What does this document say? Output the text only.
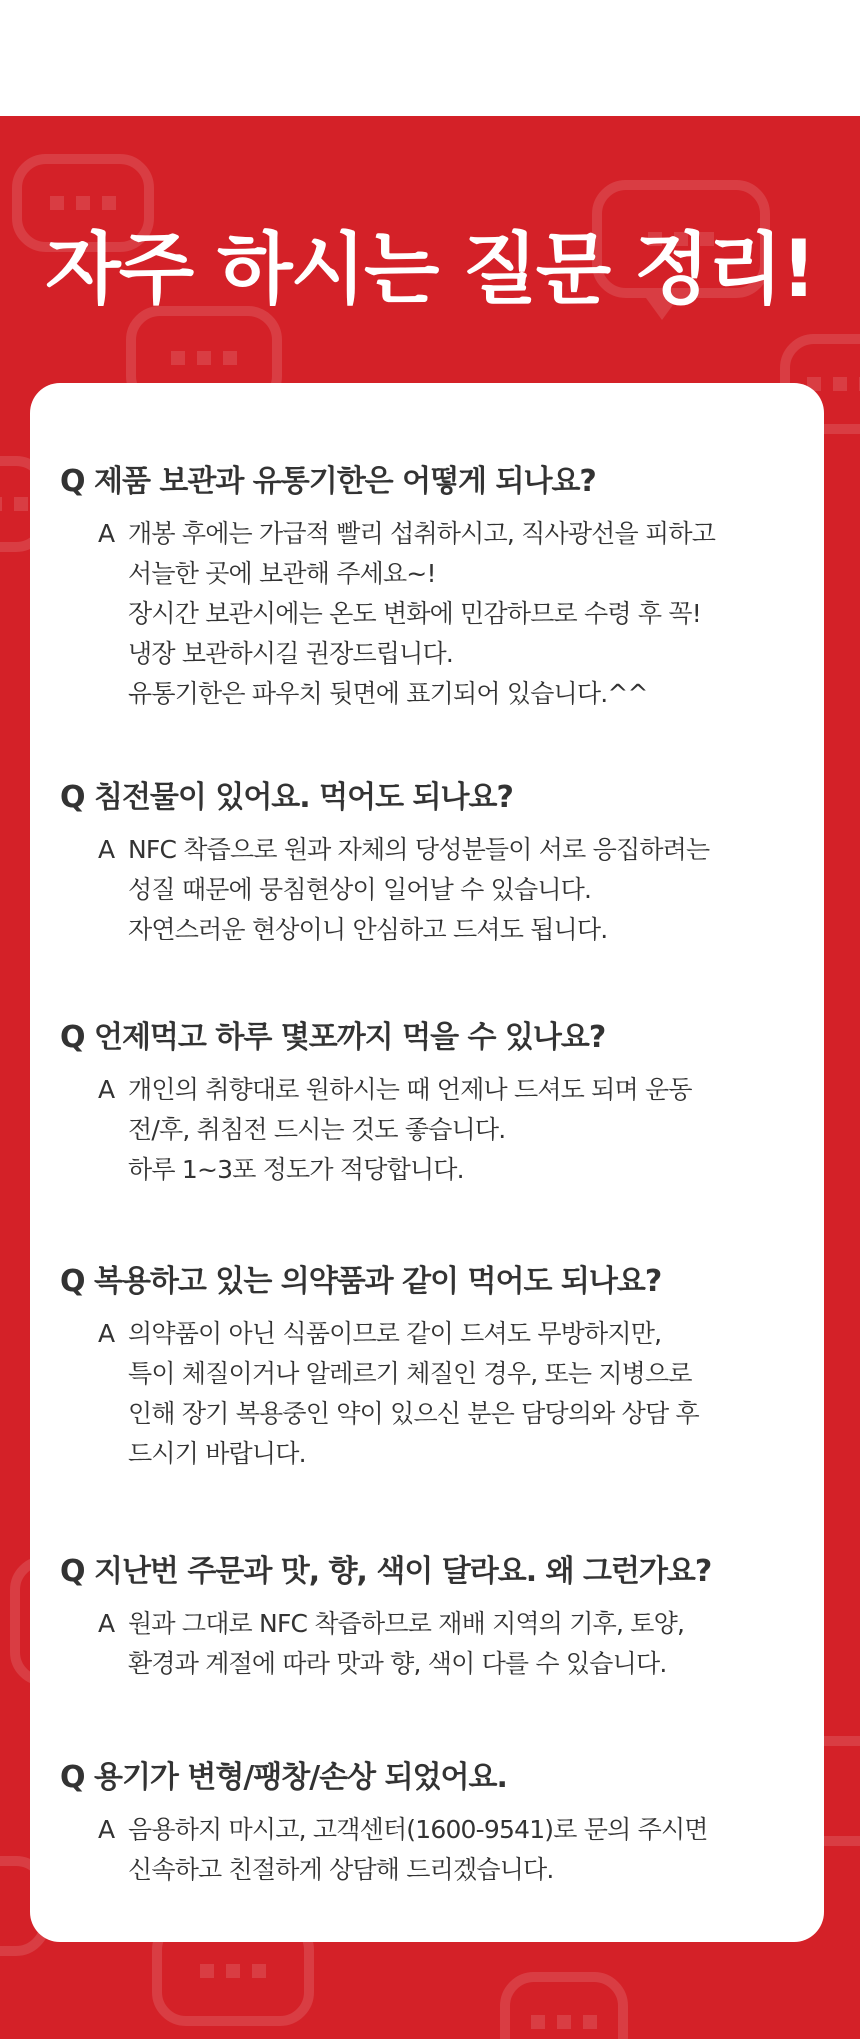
자주 하시는 질문 정리!

Q 제품 보관과 유통기한은 어떻게 되나요?

A 개봉 후에는 가급적 빨리 섭취하시고, 직사광선을 피하고
서늘한 곳에 보관해 주세요~!
장시간 보관시에는 온도 변화에 민감하므로 수령 후 꼭!
냉장 보관하시길 권장드립니다.
유통기한은 파우치 뒷면에 표기되어 있습니다.^^

Q 침전물이 있어요. 먹어도 되나요?

A NFC 착즙으로 원과 자체의 당성분들이 서로 응집하려는
성질 때문에 뭉침현상이 일어날 수 있습니다.
자연스러운 현상이니 안심하고 드셔도 됩니다.

Q 언제먹고 하루 몇포까지 먹을 수 있나요?

A 개인의 취향대로 원하시는 때 언제나 드셔도 되며 운동
전/후, 취침전 드시는 것도 좋습니다.
하루 1~3포 정도가 적당합니다.

Q 복용하고 있는 의약품과 같이 먹어도 되나요?

A 의약품이 아닌 식품이므로 같이 드셔도 무방하지만,
특이 체질이거나 알레르기 체질인 경우, 또는 지병으로
인해 장기 복용중인 약이 있으신 분은 담당의와 상담 후
드시기 바랍니다.

Q 지난번 주문과 맛, 향, 색이 달라요. 왜 그런가요?

A 원과 그대로 NFC 착즙하므로 재배 지역의 기후, 토양,
환경과 계절에 따라 맛과 향, 색이 다를 수 있습니다.

Q 용기가 변형/팽창/손상 되었어요.

A 음용하지 마시고, 고객센터(1600-9541)로 문의 주시면
신속하고 친절하게 상담해 드리겠습니다.
